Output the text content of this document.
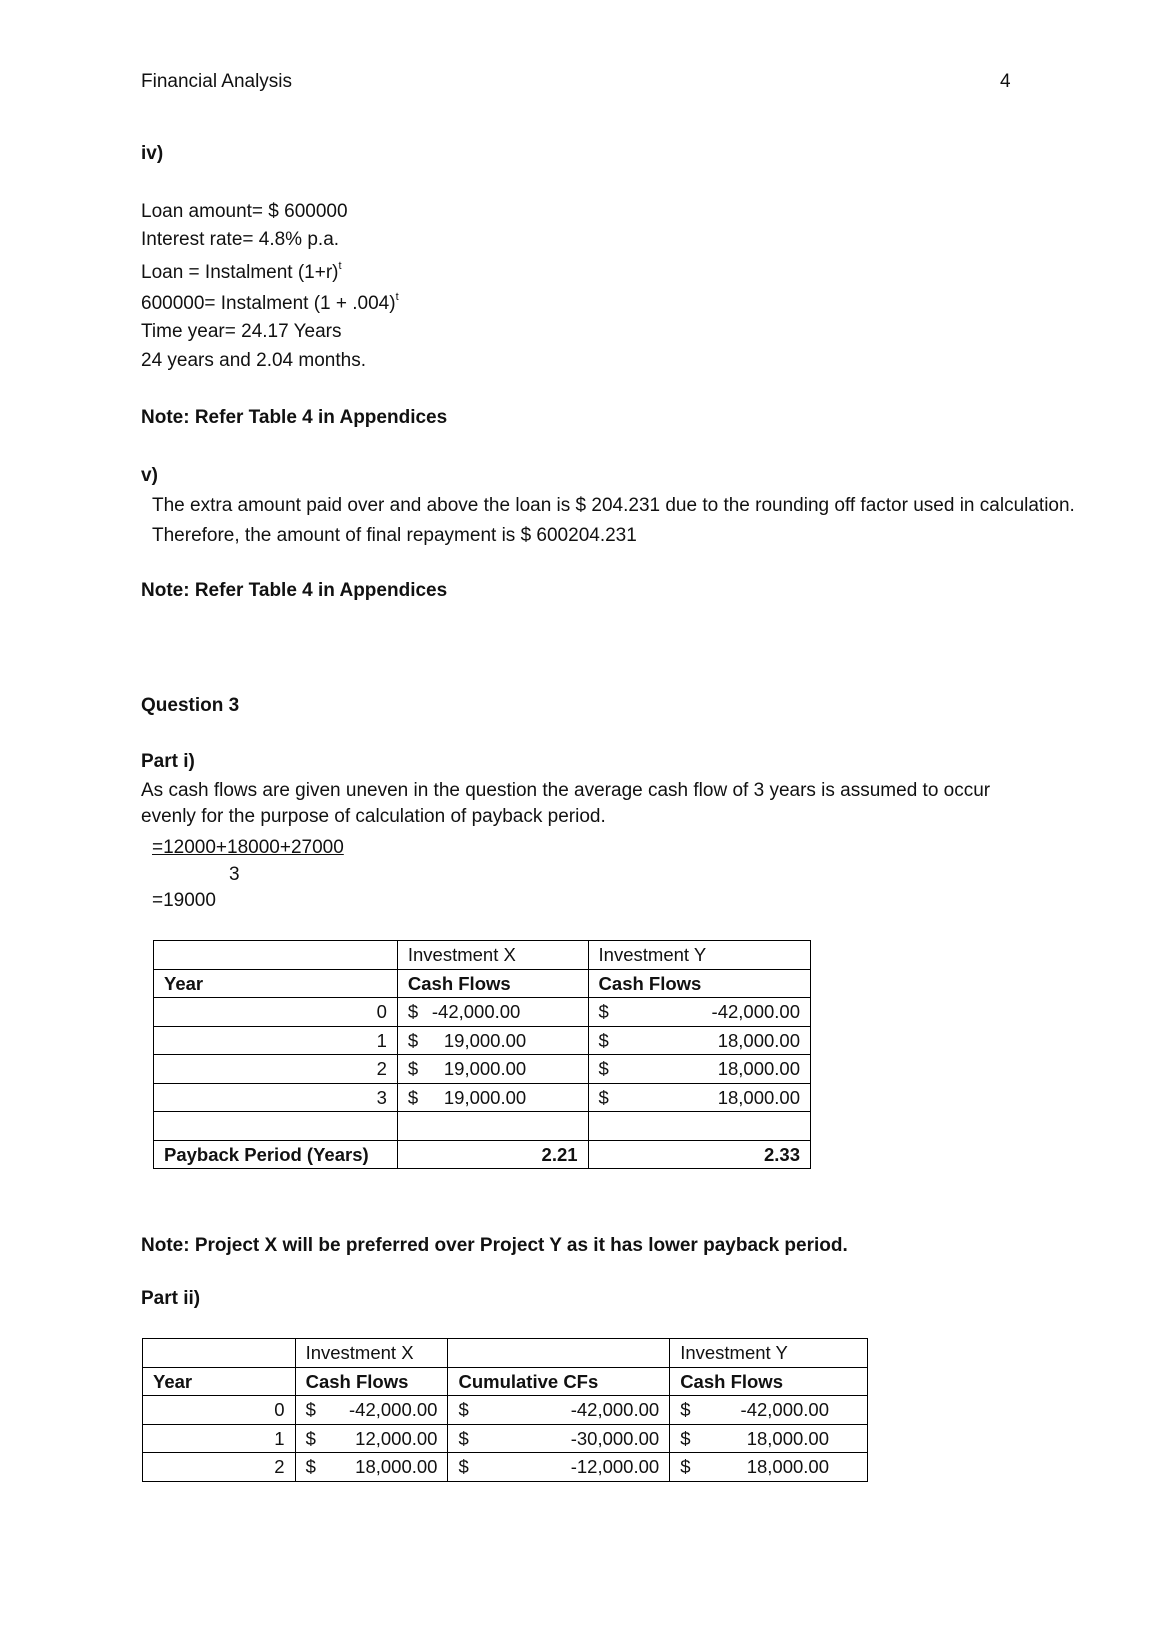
Financial Analysis	4
iv)
Loan amount= $ 600000
Interest rate= 4.8% p.a.
Loan = Instalment $(1+r)^t$
600000= Instalment $(1 + .004)^t$
Time year= 24.17 Years
24 years and 2.04 months.
Note: Refer Table 4 in Appendices
v)
The extra amount paid over and above the loan is $ 204.231 due to the rounding off factor used in calculation.
Therefore, the amount of final repayment is $ 600204.231
Note: Refer Table 4 in Appendices
Question 3
Part i)
As cash flows are given uneven in the question the average cash flow of 3 years is assumed to occur
evenly for the purpose of calculation of payback period.
=12000+18000+27000
3
=19000
	Investment X	Investment Y
Year	Cash Flows	Cash Flows
0	$ -42,000.00	$ -42,000.00

1	$ 19,000.00	$ 18,000.00

2	$ 19,000.00	$ 18,000.00

3	$ 19,000.00	$ 18,000.00

Payback Period (Years)	2.21	2.33
Note: Project X will be preferred over Project Y as it has lower payback period.
Part ii)
	Investment X		Investment Y
Year	Cash Flows	Cumulative CFs	Cash Flows
0	$ -42,000.00	$ -42,000.00	$ -42,000.00

1	$ 12,000.00	$ -30,000.00	$ 18,000.00

2	$ 18,000.00	$ -12,000.00	$ 18,000.00
